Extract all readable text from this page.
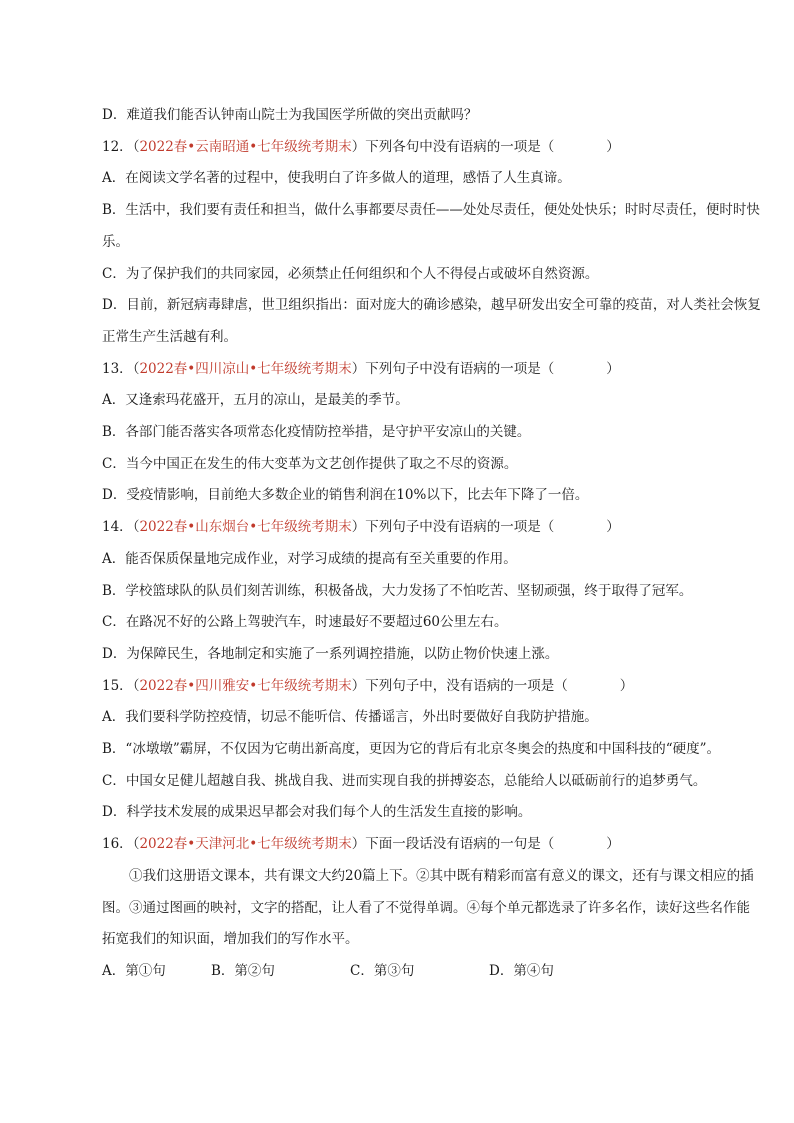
D．难道我们能否认钟南山院士为我国医学所做的突出贡献吗？
12．（2022春•云南昭通•七年级统考期末）下列各句中没有语病的一项是（	）
A．在阅读文学名著的过程中，使我明白了许多做人的道理，感悟了人生真谛。
B．生活中，我们要有责任和担当，做什么事都要尽责任——处处尽责任，便处处快乐；时时尽责任，便时时快乐。
C．为了保护我们的共同家园，必须禁止任何组织和个人不得侵占或破坏自然资源。
D．目前，新冠病毒肆虐，世卫组织指出：面对庞大的确诊感染，越早研发出安全可靠的疫苗，对人类社会恢复正常生产生活越有利。
13．（2022春•四川凉山•七年级统考期末）下列句子中没有语病的一项是（	）
A．又逢索玛花盛开，五月的凉山，是最美的季节。
B．各部门能否落实各项常态化疫情防控举措，是守护平安凉山的关键。
C．当今中国正在发生的伟大变革为文艺创作提供了取之不尽的资源。
D．受疫情影响，目前绝大多数企业的销售利润在10%以下，比去年下降了一倍。
14．（2022春•山东烟台•七年级统考期末）下列句子中没有语病的一项是（	）
A．能否保质保量地完成作业，对学习成绩的提高有至关重要的作用。
B．学校篮球队的队员们刻苦训练，积极备战，大力发扬了不怕吃苦、坚韧顽强，终于取得了冠军。
C．在路况不好的公路上驾驶汽车，时速最好不要超过60公里左右。
D．为保障民生，各地制定和实施了一系列调控措施，以防止物价快速上涨。
15．（2022春•四川雅安•七年级统考期末）下列句子中，没有语病的一项是（	）
A．我们要科学防控疫情，切忌不能听信、传播谣言，外出时要做好自我防护措施。
B．“冰墩墩”霸屏，不仅因为它萌出新高度，更因为它的背后有北京冬奥会的热度和中国科技的“硬度”。
C．中国女足健儿超越自我、挑战自我、进而实现自我的拼搏姿态，总能给人以砥砺前行的追梦勇气。
D．科学技术发展的成果迟早都会对我们每个人的生活发生直接的影响。
16．（2022春•天津河北•七年级统考期末）下面一段话没有语病的一句是（	）
①我们这册语文课本，共有课文大约20篇上下。②其中既有精彩而富有意义的课文，还有与课文相应的插图。③通过图画的映衬，文字的搭配，让人看了不觉得单调。④每个单元都选录了许多名作，读好这些名作能拓宽我们的知识面，增加我们的写作水平。
A．第①句	B．第②句	C．第③句	D．第④句
